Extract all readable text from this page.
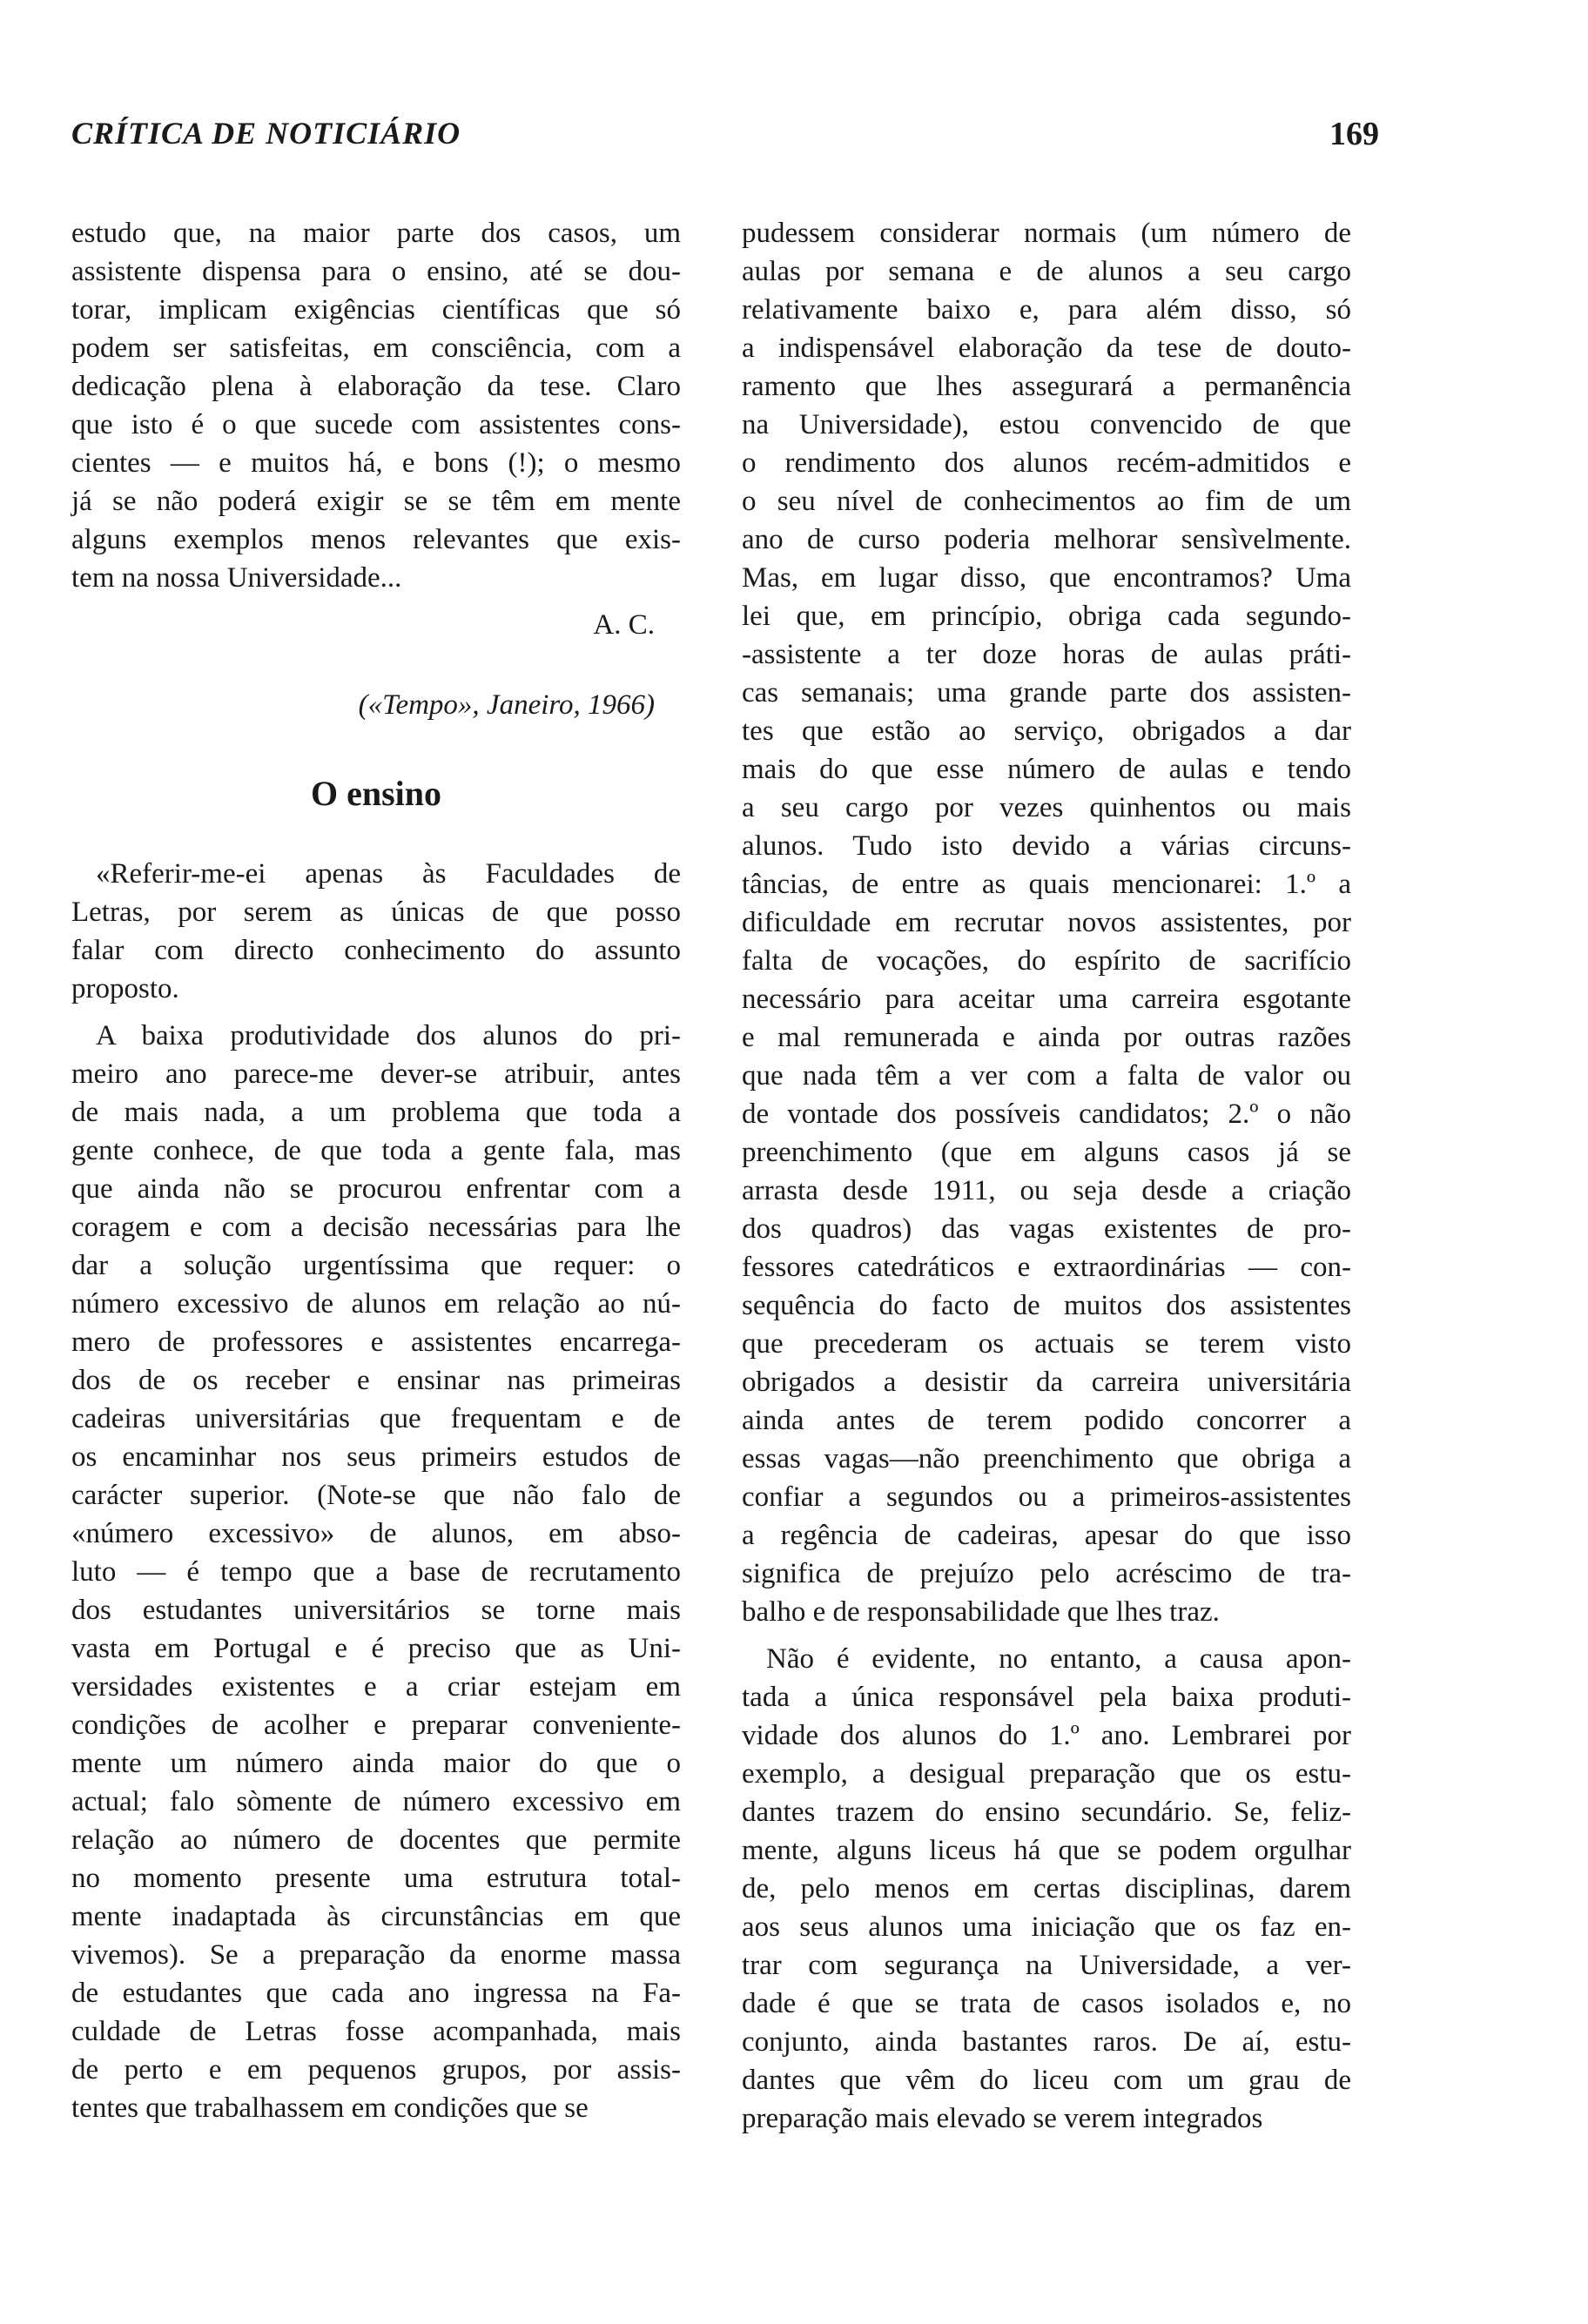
CRÍTICA DE NOTICIÁRIO	169
estudo que, na maior parte dos casos, um
assistente dispensa para o ensino, até se dou-
torar, implicam exigências científicas que só
podem ser satisfeitas, em consciência, com a
dedicação plena à elaboração da tese. Claro
que isto é o que sucede com assistentes cons-
cientes — e muitos há, e bons (!); o mesmo
já se não poderá exigir se se têm em mente
alguns exemplos menos relevantes que exis-
tem na nossa Universidade...
A. C.
(«Tempo», Janeiro, 1966)
O ensino
«Referir-me-ei apenas às Faculdades de
Letras, por serem as únicas de que posso
falar com directo conhecimento do assunto
proposto.
A baixa produtividade dos alunos do pri-
meiro ano parece-me dever-se atribuir, antes
de mais nada, a um problema que toda a
gente conhece, de que toda a gente fala, mas
que ainda não se procurou enfrentar com a
coragem e com a decisão necessárias para lhe
dar a solução urgentíssima que requer: o
número excessivo de alunos em relação ao nú-
mero de professores e assistentes encarrega-
dos de os receber e ensinar nas primeiras
cadeiras universitárias que frequentam e de
os encaminhar nos seus primeirs estudos de
carácter superior. (Note-se que não falo de
«número excessivo» de alunos, em abso-
luto — é tempo que a base de recrutamento
dos estudantes universitários se torne mais
vasta em Portugal e é preciso que as Uni-
versidades existentes e a criar estejam em
condições de acolher e preparar convenientе-
mente um número ainda maior do que o
actual; falo sòmente de número excessivo em
relação ao número de docentes que permite
no momento presente uma estrutura total-
mente inadaptada às circunstâncias em que
vivemos). Se a preparação da enorme massa
de estudantes que cada ano ingressa na Fa-
culdade de Letras fosse acompanhada, mais
de perto e em pequenos grupos, por assis-
tentes que trabalhassem em condições que se
pudessem considerar normais (um número de
aulas por semana e de alunos a seu cargo
relativamente baixo e, para além disso, só
a indispensável elaboração da tese de douto-
ramento que lhes assegurará a permanência
na Universidade), estou convencido de que
o rendimento dos alunos recém-admitidos e
o seu nível de conhecimentos ao fim de um
ano de curso poderia melhorar sensìvelmente.
Mas, em lugar disso, que encontramos? Uma
lei que, em princípio, obriga cada segundo-
-assistente a ter doze horas de aulas práti-
cas semanais; uma grande parte dos assisten-
tes que estão ao serviço, obrigados a dar
mais do que esse número de aulas e tendo
a seu cargo por vezes quinhentos ou mais
alunos. Tudo isto devido a várias circuns-
tâncias, de entre as quais mencionarei: 1.º a
dificuldade em recrutar novos assistentes, por
falta de vocações, do espírito de sacrifício
necessário para aceitar uma carreira esgotante
e mal remunerada e ainda por outras razões
que nada têm a ver com a falta de valor ou
de vontade dos possíveis candidatos; 2.º o não
preenchimento (que em alguns casos já se
arrasta desde 1911, ou seja desde a criação
dos quadros) das vagas existentes de pro-
fessores catedráticos e extraordinárias — con-
sequência do facto de muitos dos assistentes
que precederam os actuais se terem visto
obrigados a desistir da carreira universitária
ainda antes de terem podido concorrer a
essas vagas—não preenchimento que obriga a
confiar a segundos ou a primeiros-assistentes
a regência de cadeiras, apesar do que isso
significa de prejuízo pelo acréscimo de tra-
balho e de responsabilidade que lhes traz.
Não é evidente, no entanto, a causa apon-
tada a única responsável pela baixa produti-
vidade dos alunos do 1.º ano. Lembrarei por
exemplo, a desigual preparação que os estu-
dantes trazem do ensino secundário. Se, feliz-
mente, alguns liceus há que se podem orgulhar
de, pelo menos em certas disciplinas, darem
aos seus alunos uma iniciação que os faz en-
trar com segurança na Universidade, a ver-
dade é que se trata de casos isolados e, no
conjunto, ainda bastantes raros. De aí, estu-
dantes que vêm do liceu com um grau de
preparação mais elevado se verem integrados
